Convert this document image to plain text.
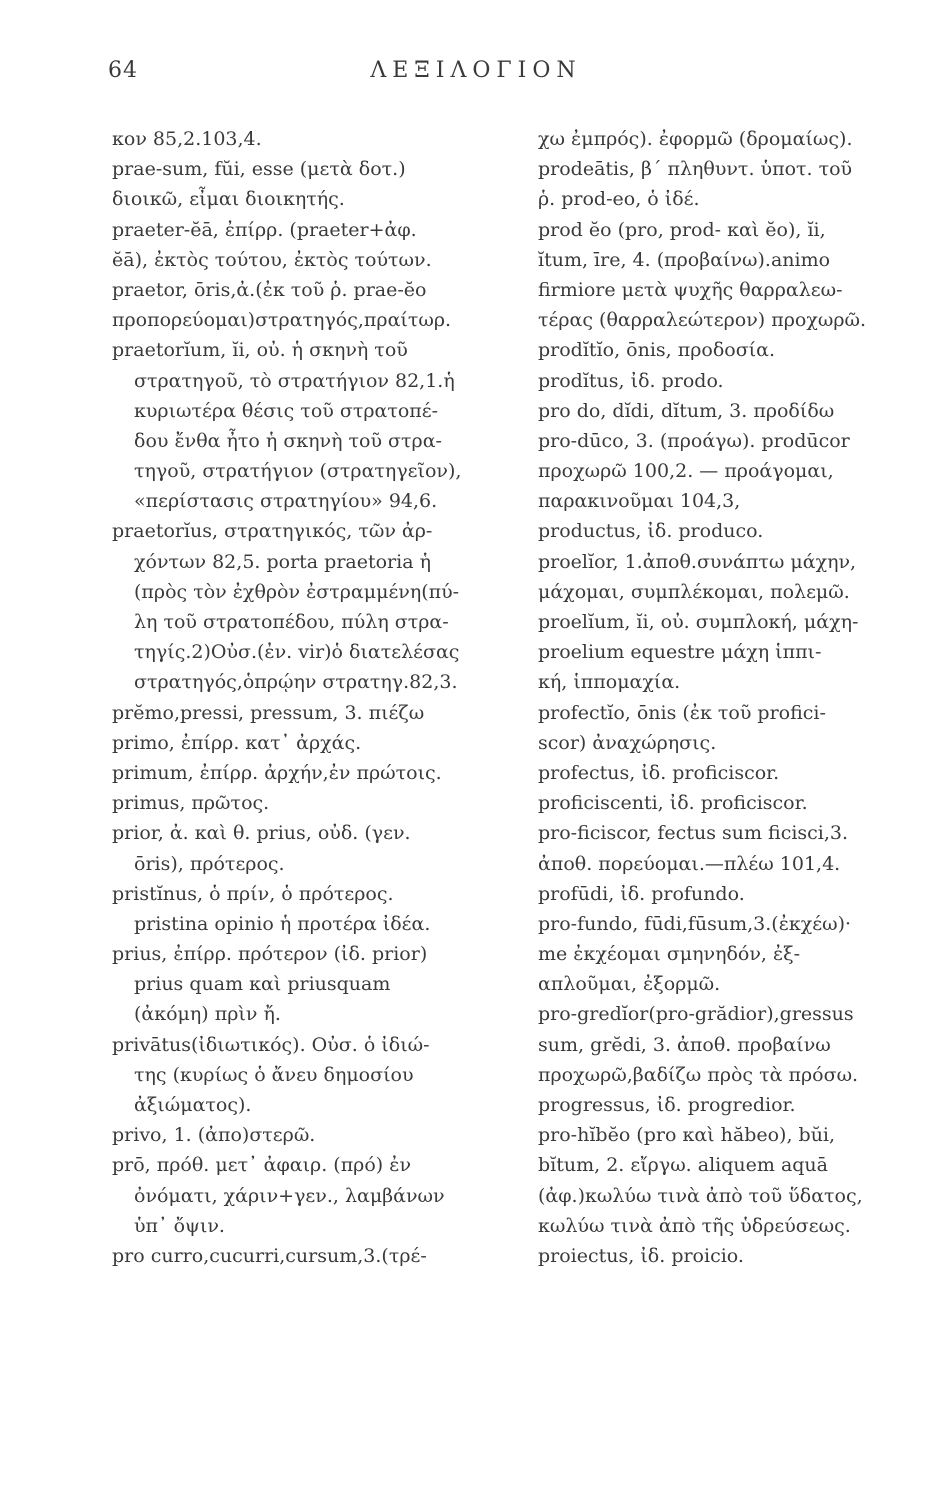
64	ΛΕΞΙΛΟΓΙΟΝ
κον 85,2.103,4.
prae-sum, fŭi, esse (μετὰ δοτ.)
διοικῶ, εἶμαι διοικητής.
praeter-ĕā, ἐπίρρ. (praeter+ἀφ.
ĕā), ἐκτὸς τούτου, ἐκτὸς τούτων.
praetor, ōris,ἀ.(ἐκ τοῦ ῥ. prae-ĕo
προπορεύομαι)στρατηγός,πραίτωρ.
praetorĭum, ĭi, οὐ. ἡ σκηνὴ τοῦ
στρατηγοῦ, τὸ στρατήγιον 82,1.ἡ
κυριωτέρα θέσις τοῦ στρατοπέ-
δου ἔνθα ἦτο ἡ σκηνὴ τοῦ στρα-
τηγοῦ, στρατήγιον (στρατηγεῖον),
«περίστασις στρατηγίου» 94,6.
praetorĭus, στρατηγικός, τῶν ἀρ-
χόντων 82,5. porta praetoria ἡ
(πρὸς τὸν ἐχθρὸν ἐστραμμένη(πύ-
λη τοῦ στρατοπέδου, πύλη στρα-
τηγίς.2)Οὐσ.(ἐν. vir)ὁ διατελέσας
στρατηγός,ὁπρῴην στρατηγ.82,3.
prĕmo,pressi, pressum, 3. πιέζω
primo, ἐπίρρ. κατ᾽ ἀρχάς.
primum, ἐπίρρ. ἀρχήν,ἐν πρώτοις.
primus, πρῶτος.
prior, ἀ. καὶ θ. prius, οὐδ. (γεν.
ōris), πρότερος.
pristĭnus, ὁ πρίν, ὁ πρότερος.
pristina opinio ἡ προτέρα ἰδέα.
prius, ἐπίρρ. πρότερον (ἰδ. prior)
prius quam καὶ priusquam
(ἀκόμη) πρὶν ἤ.
privātus(ἰδιωτικός). Οὐσ. ὁ ἰδιώ-
της (κυρίως ὁ ἄνευ δημοσίου
ἀξιώματος).
privo, 1. (ἀπο)στερῶ.
prō, πρόθ. μετ᾽ ἀφαιρ. (πρό) ἐν
ὀνόματι, χάριν+γεν., λαμβάνων
ὑπ᾽ ὄψιν.
pro curro,cucurri,cursum,3.(τρέ-
χω ἐμπρός). ἐφορμῶ (δρομαίως).
prodeātis, β΄ πληθυντ. ὑποτ. τοῦ
ῥ. prod-eo, ὁ ἰδέ.
prod ĕo (pro, prod- καὶ ĕo), ĭi,
ĭtum, īre, 4. (προβαίνω).animo
firmiore μετὰ ψυχῆς θαρραλεω-
τέρας (θαρραλεώτερον) προχωρῶ.
prodĭtĭo, ōnis, προδοσία.
prodĭtus, ἰδ. prodo.
pro do, dĭdi, dĭtum, 3. προδίδω
pro-dūco, 3. (προάγω). prodūcor
προχωρῶ 100,2. — προάγομαι,
παρακινοῦμαι 104,3,
productus, ἰδ. produco.
proelĭor, 1.ἀποθ.συνάπτω μάχην,
μάχομαι, συμπλέκομαι, πολεμῶ.
proelĭum, ĭi, οὐ. συμπλοκή, μάχη-
proelium equestre μάχη ἱππι-
κή, ἱππομαχία.
profectĭo, ōnis (ἐκ τοῦ profici-
scor) ἀναχώρησις.
profectus, ἰδ. proficiscor.
proficiscenti, ἰδ. proficiscor.
pro-ficiscor, fectus sum ficisci,3.
ἀποθ. πορεύομαι.—πλέω 101,4.
profūdi, ἰδ. profundo.
pro-fundo, fūdi,fūsum,3.(ἐκχέω)·
me ἐκχέομαι σμηνηδόν, ἐξ-
απλοῦμαι, ἐξορμῶ.
pro-gredĭor(pro-grădior),gressus
sum, grĕdi, 3. ἀποθ. προβαίνω
προχωρῶ,βαδίζω πρὸς τὰ πρόσω.
progressus, ἰδ. progredior.
pro-hĭbĕo (pro καὶ hăbeo), bŭi,
bĭtum, 2. εἴργω. aliquem aquā
(ἀφ.)κωλύω τινὰ ἀπὸ τοῦ ὕδατος,
κωλύω τινὰ ἀπὸ τῆς ὑδρεύσεως.
proiectus, ἰδ. proicio.
